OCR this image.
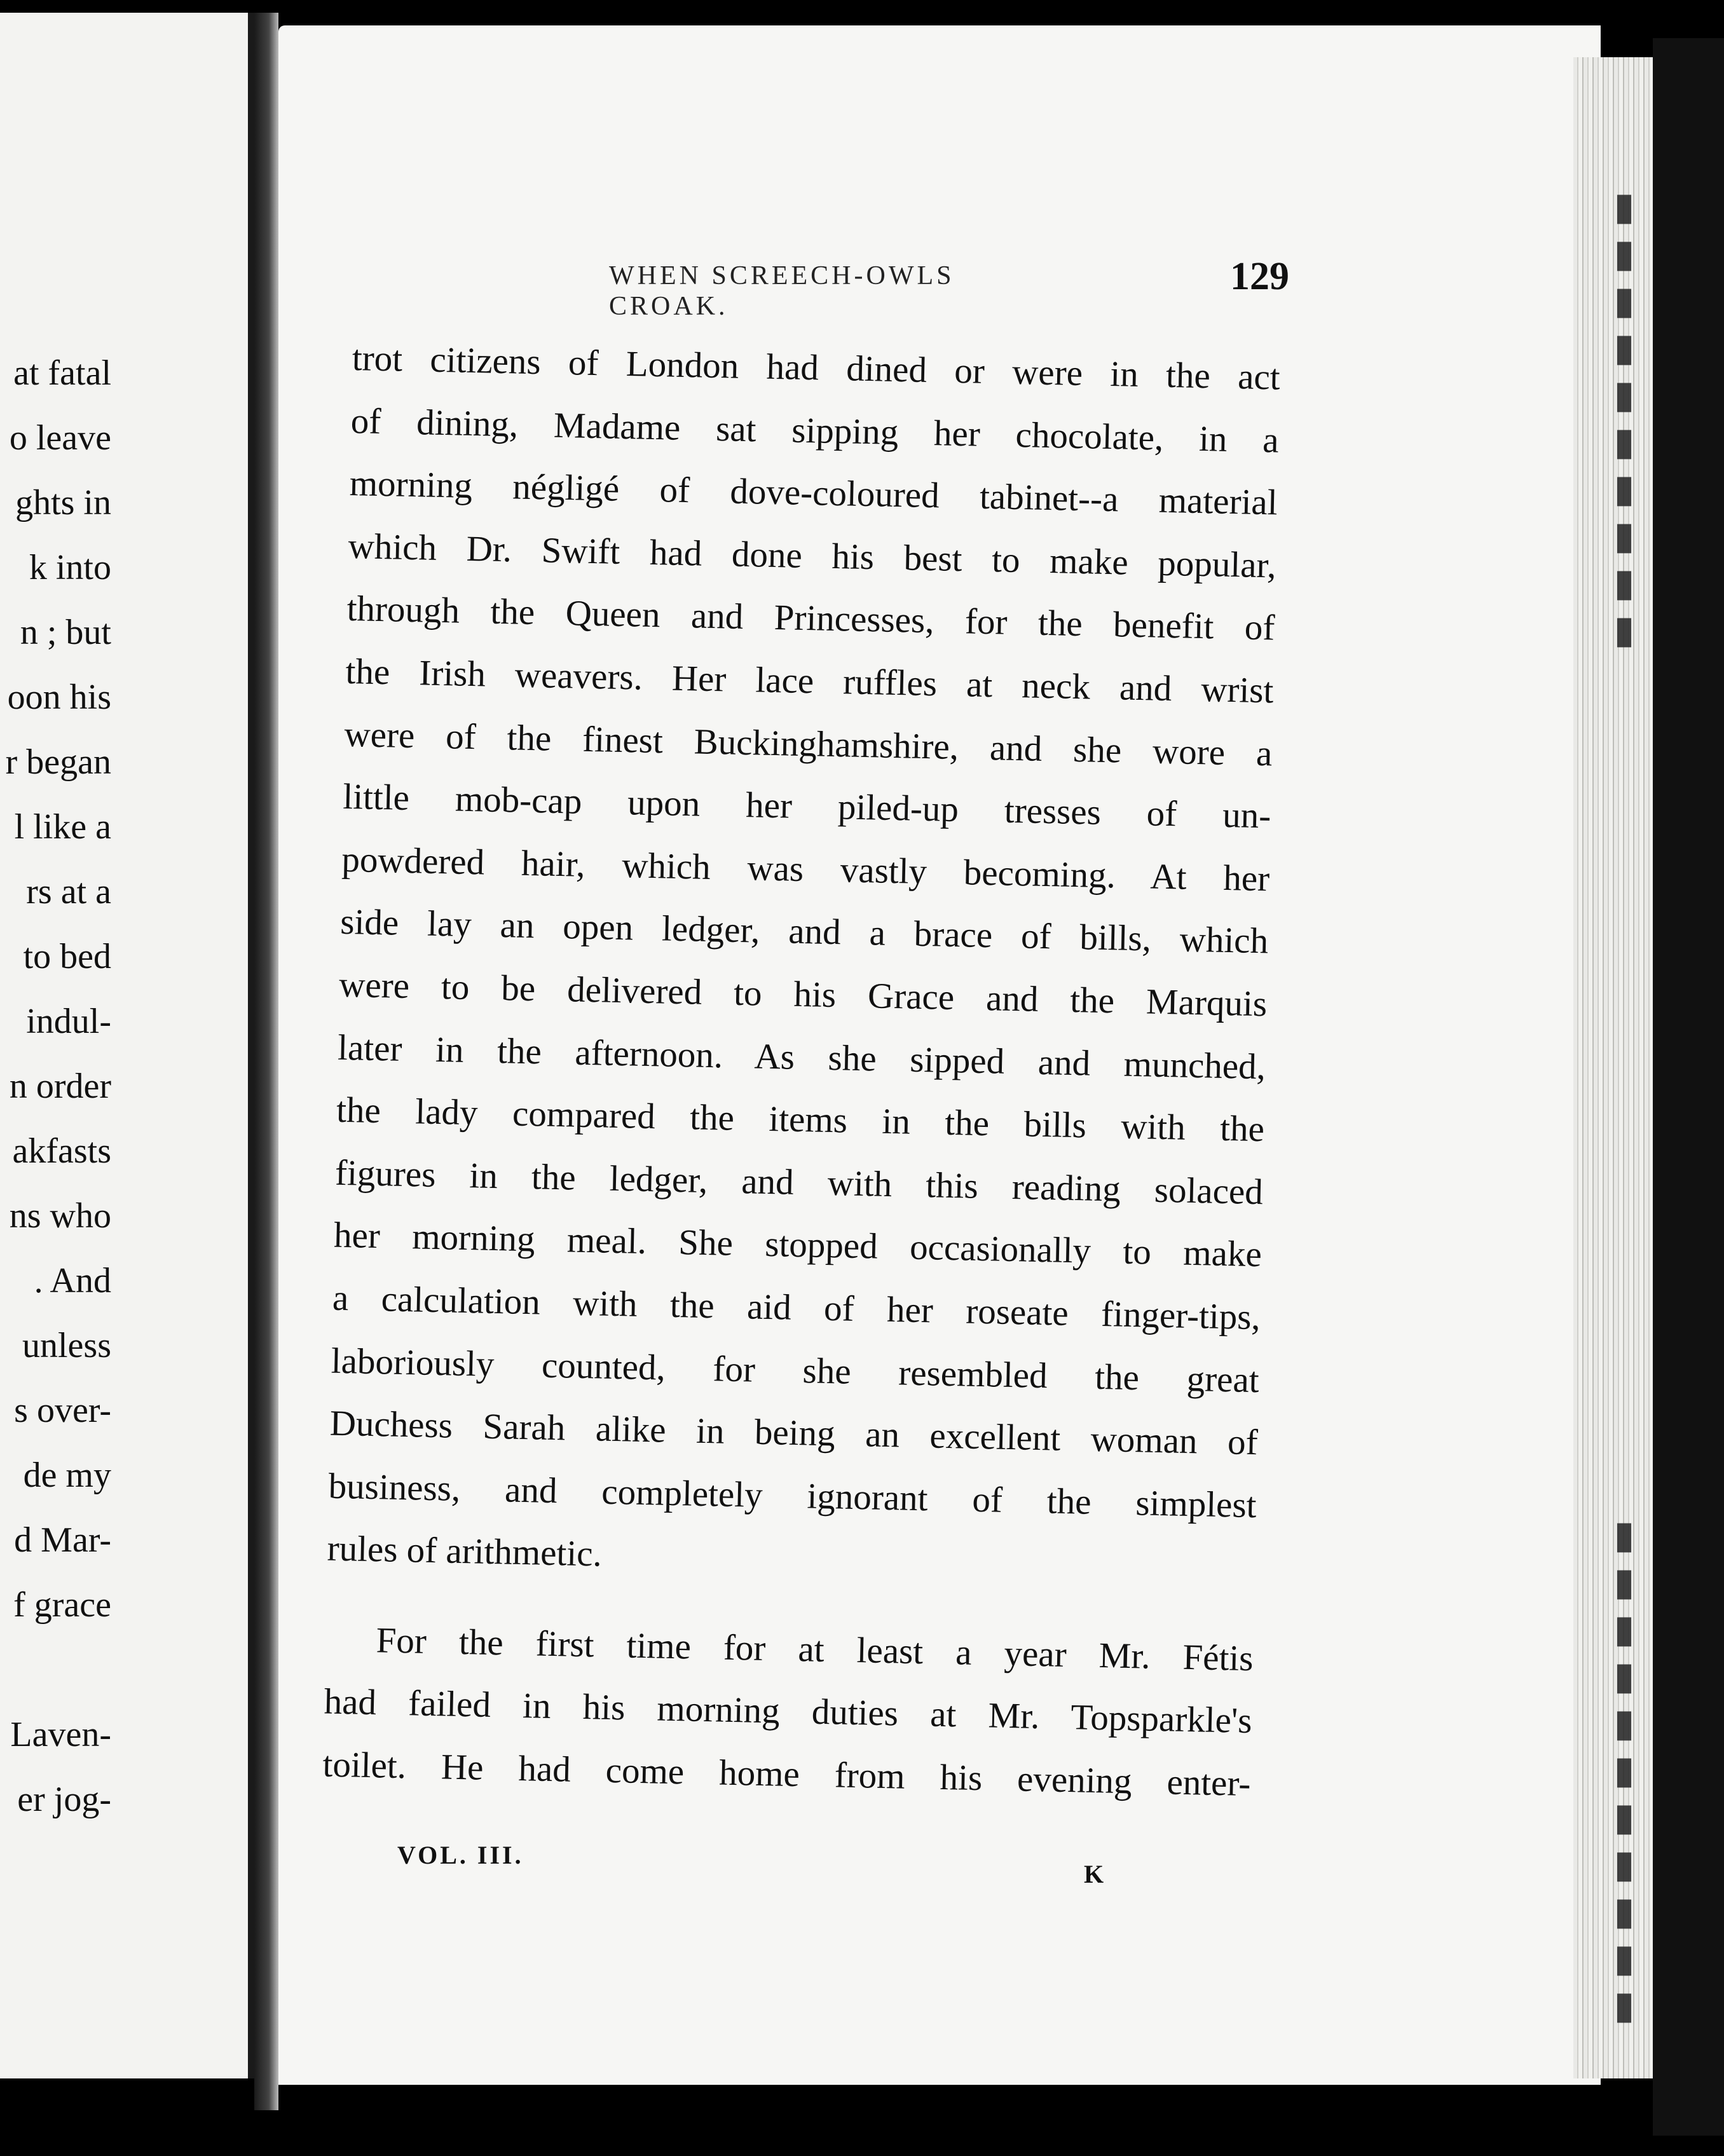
at fatal
o leave
ghts in
k into
n ; but
oon his
r began
l like a
rs at a
to bed
indul-
n order
akfasts
ns who
. And
unless
s over-
de my
d Mar-
f grace
Laven-
er jog-
▮▮▮▮▮▮▮▮▮▮
▮▮▮▮▮▮▮▮▮▮▮
WHEN SCREECH-OWLS CROAK.
129
trot citizens of London had dined or were in the act
of dining, Madame sat sipping her chocolate, in a
morning négligé of dove-coloured tabinet--a material
which Dr. Swift had done his best to make popular,
through the Queen and Princesses, for the benefit of
the Irish weavers. Her lace ruffles at neck and wrist
were of the finest Buckinghamshire, and she wore a
little mob-cap upon her piled-up tresses of un-
powdered hair, which was vastly becoming. At her
side lay an open ledger, and a brace of bills, which
were to be delivered to his Grace and the Marquis
later in the afternoon. As she sipped and munched,
the lady compared the items in the bills with the
figures in the ledger, and with this reading solaced
her morning meal. She stopped occasionally to make
a calculation with the aid of her roseate finger-tips,
laboriously counted, for she resembled the great
Duchess Sarah alike in being an excellent woman of
business, and completely ignorant of the simplest
rules of arithmetic.
For the first time for at least a year Mr. Fétis
had failed in his morning duties at Mr. Topsparkle's
toilet. He had come home from his evening enter-
VOL. III.
K
